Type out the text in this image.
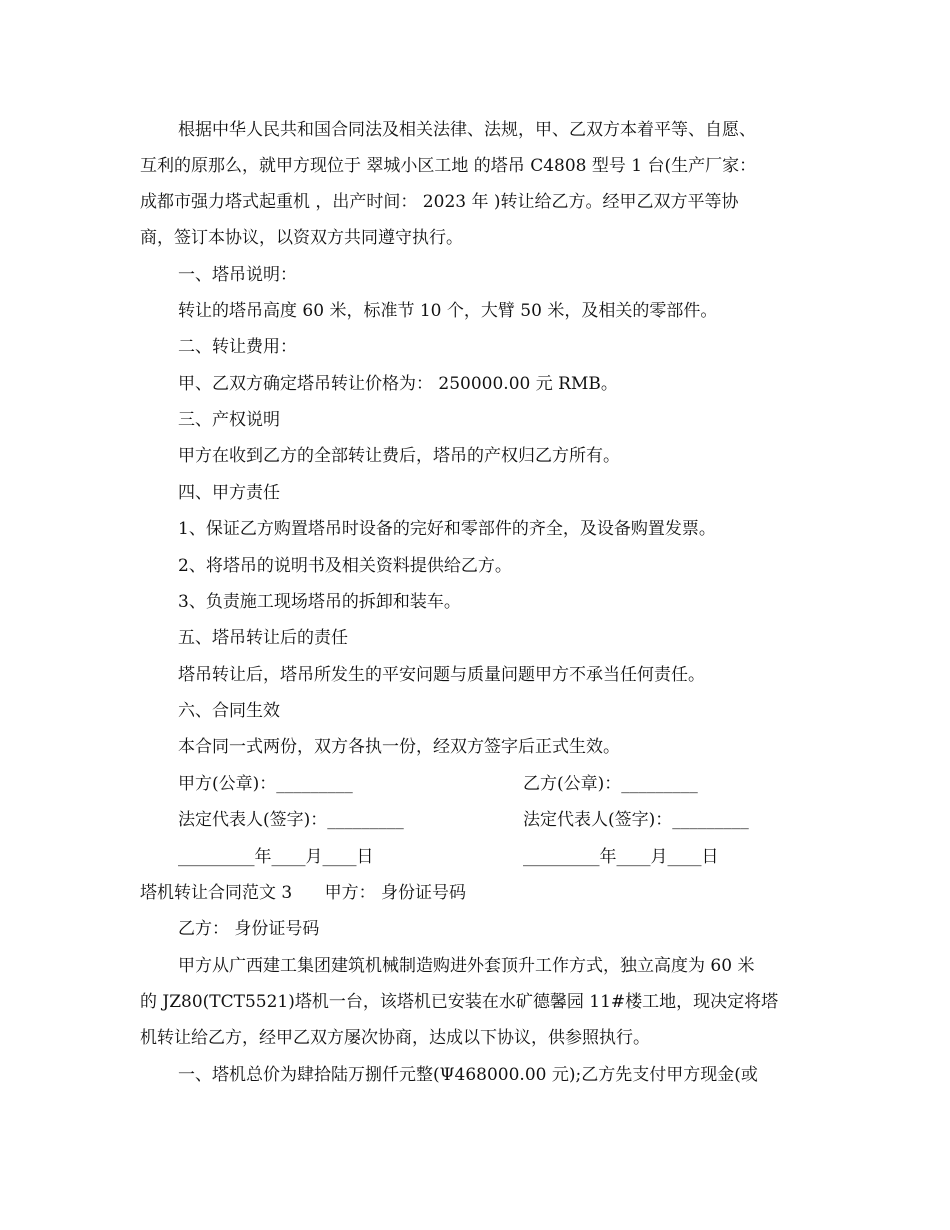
根据中华人民共和国合同法及相关法律、法规，甲、乙双方本着平等、自愿、
互利的原那么，就甲方现位于 翠城小区工地 的塔吊 C4808 型号 1 台(生产厂家：
成都市强力塔式起重机 ，出产时间： 2023 年 )转让给乙方。经甲乙双方平等协
商，签订本协议，以资双方共同遵守执行。
一、塔吊说明：
转让的塔吊高度 60 米，标准节 10 个，大臂 50 米，及相关的零部件。
二、转让费用：
甲、乙双方确定塔吊转让价格为： 250000.00 元 RMB。
三、产权说明
甲方在收到乙方的全部转让费后，塔吊的产权归乙方所有。
四、甲方责任
1、保证乙方购置塔吊时设备的完好和零部件的齐全，及设备购置发票。
2、将塔吊的说明书及相关资料提供给乙方。
3、负责施工现场塔吊的拆卸和装车。
五、塔吊转让后的责任
塔吊转让后，塔吊所发生的平安问题与质量问题甲方不承当任何责任。
六、合同生效
本合同一式两份，双方各执一份，经双方签字后正式生效。
甲方(公章)：_________	乙方(公章)：_________
法定代表人(签字)：_________	法定代表人(签字)：_________
_________年____月____日	_________年____月____日
塔机转让合同范文 3      甲方： 身份证号码
乙方： 身份证号码
甲方从广西建工集团建筑机械制造购进外套顶升工作方式，独立高度为 60 米
的 JZ80(TCT5521)塔机一台，该塔机已安装在水矿德馨园 11#楼工地，现决定将塔
机转让给乙方，经甲乙双方屡次协商，达成以下协议，供参照执行。
一、塔机总价为肆拾陆万捌仟元整(Ψ468000.00 元);乙方先支付甲方现金(或
